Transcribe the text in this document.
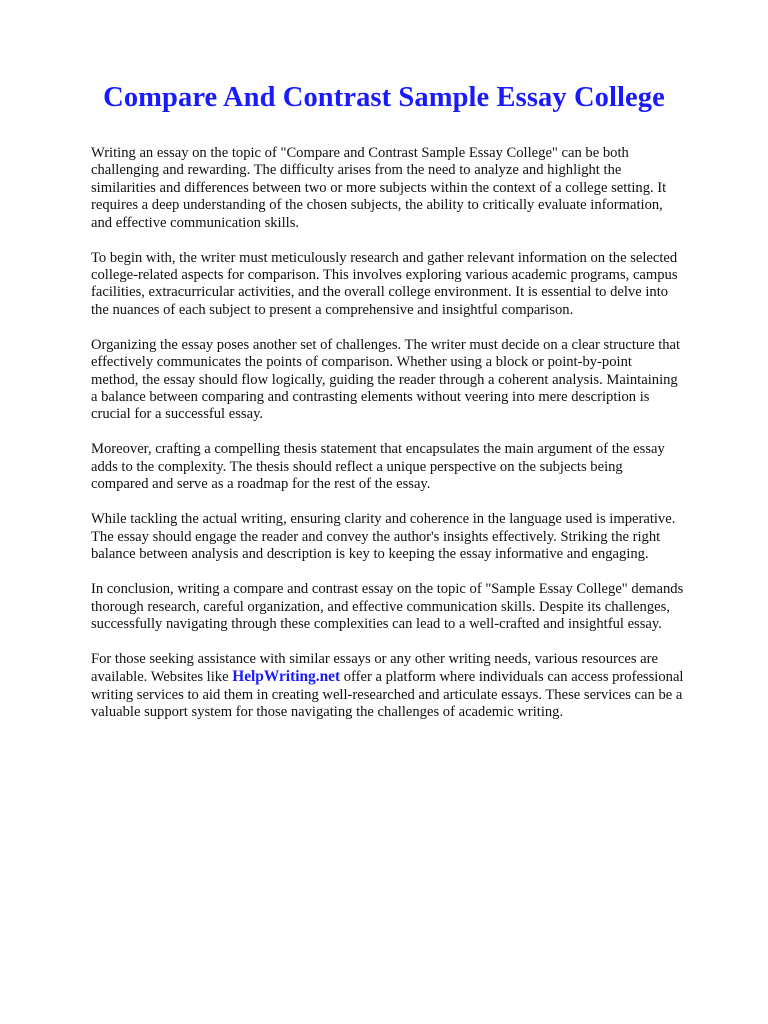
Compare And Contrast Sample Essay College

Writing an essay on the topic of "Compare and Contrast Sample Essay College" can be both
challenging and rewarding. The difficulty arises from the need to analyze and highlight the
similarities and differences between two or more subjects within the context of a college setting. It
requires a deep understanding of the chosen subjects, the ability to critically evaluate information,
and effective communication skills.

To begin with, the writer must meticulously research and gather relevant information on the selected
college-related aspects for comparison. This involves exploring various academic programs, campus
facilities, extracurricular activities, and the overall college environment. It is essential to delve into
the nuances of each subject to present a comprehensive and insightful comparison.

Organizing the essay poses another set of challenges. The writer must decide on a clear structure that
effectively communicates the points of comparison. Whether using a block or point-by-point
method, the essay should flow logically, guiding the reader through a coherent analysis. Maintaining
a balance between comparing and contrasting elements without veering into mere description is
crucial for a successful essay.

Moreover, crafting a compelling thesis statement that encapsulates the main argument of the essay
adds to the complexity. The thesis should reflect a unique perspective on the subjects being
compared and serve as a roadmap for the rest of the essay.

While tackling the actual writing, ensuring clarity and coherence in the language used is imperative.
The essay should engage the reader and convey the author's insights effectively. Striking the right
balance between analysis and description is key to keeping the essay informative and engaging.

In conclusion, writing a compare and contrast essay on the topic of "Sample Essay College" demands
thorough research, careful organization, and effective communication skills. Despite its challenges,
successfully navigating through these complexities can lead to a well-crafted and insightful essay.

For those seeking assistance with similar essays or any other writing needs, various resources are
available. Websites like HelpWriting.net offer a platform where individuals can access professional
writing services to aid them in creating well-researched and articulate essays. These services can be a
valuable support system for those navigating the challenges of academic writing.
